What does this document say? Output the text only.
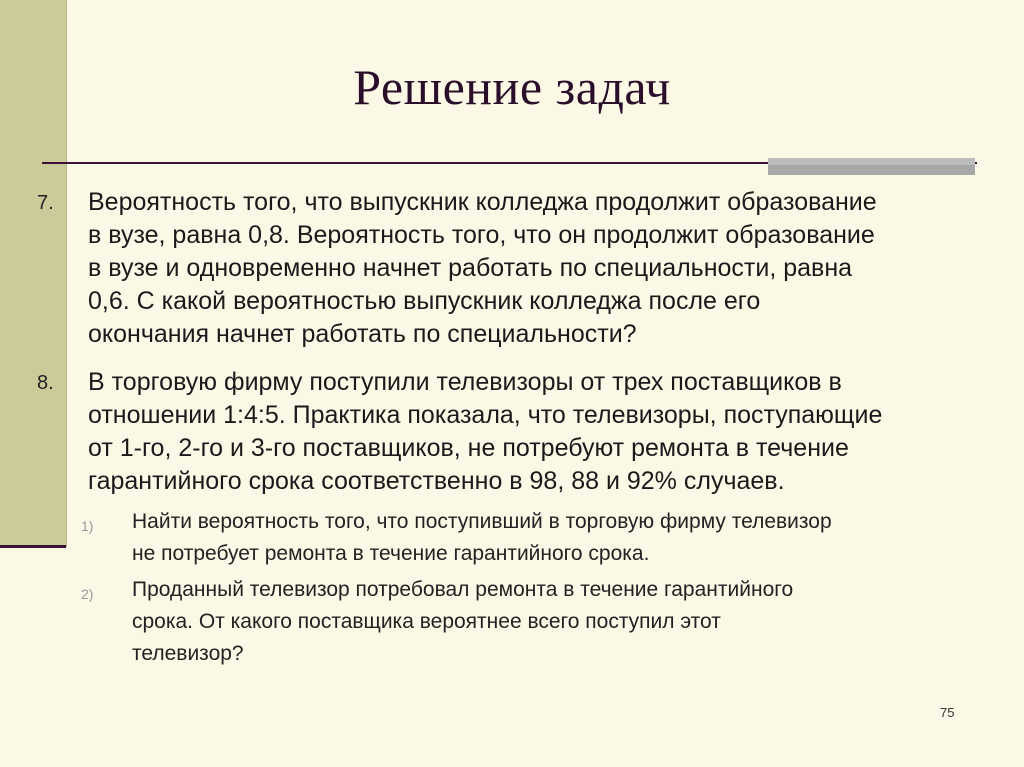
Решение задач
7. Вероятность того, что выпускник колледжа продолжит образование
в вузе, равна 0,8. Вероятность того, что он продолжит образование
в вузе и одновременно начнет работать по специальности, равна
0,6. С какой вероятностью выпускник колледжа после его
окончания начнет работать по специальности?
8. В торговую фирму поступили телевизоры от трех поставщиков в
отношении 1:4:5. Практика показала, что телевизоры, поступающие
от 1-го, 2-го и 3-го поставщиков, не потребуют ремонта в течение
гарантийного срока соответственно в 98, 88 и 92% случаев.
1) Найти вероятность того, что поступивший в торговую фирму телевизор
не потребует ремонта в течение гарантийного срока.
2) Проданный телевизор потребовал ремонта в течение гарантийного
срока. От какого поставщика вероятнее всего поступил этот
телевизор?
75
